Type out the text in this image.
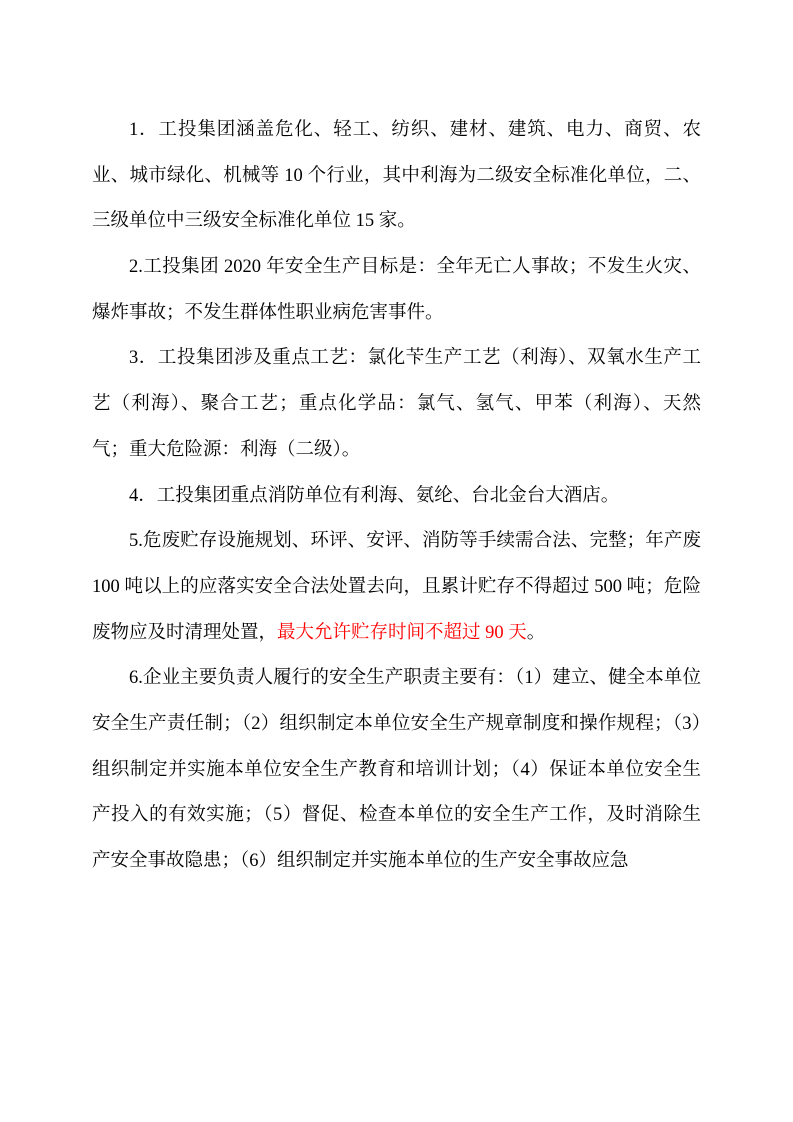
1．工投集团涵盖危化、轻工、纺织、建材、建筑、电力、商贸、农业、城市绿化、机械等 10 个行业，其中利海为二级安全标准化单位，二、三级单位中三级安全标准化单位 15 家。

2.工投集团 2020 年安全生产目标是：全年无亡人事故；不发生火灾、爆炸事故；不发生群体性职业病危害事件。

3．工投集团涉及重点工艺：氯化苄生产工艺（利海）、双氧水生产工艺（利海）、聚合工艺；重点化学品：氯气、氢气、甲苯（利海）、天然气；重大危险源：利海（二级）。

4．工投集团重点消防单位有利海、氨纶、台北金台大酒店。

5.危废贮存设施规划、环评、安评、消防等手续需合法、完整；年产废 100 吨以上的应落实安全合法处置去向，且累计贮存不得超过 500 吨；危险废物应及时清理处置，最大允许贮存时间不超过 90 天。

6.企业主要负责人履行的安全生产职责主要有：（1）建立、健全本单位安全生产责任制；（2）组织制定本单位安全生产规章制度和操作规程；（3）组织制定并实施本单位安全生产教育和培训计划；（4）保证本单位安全生产投入的有效实施；（5）督促、检查本单位的安全生产工作，及时消除生产安全事故隐患；（6）组织制定并实施本单位的生产安全事故应急
